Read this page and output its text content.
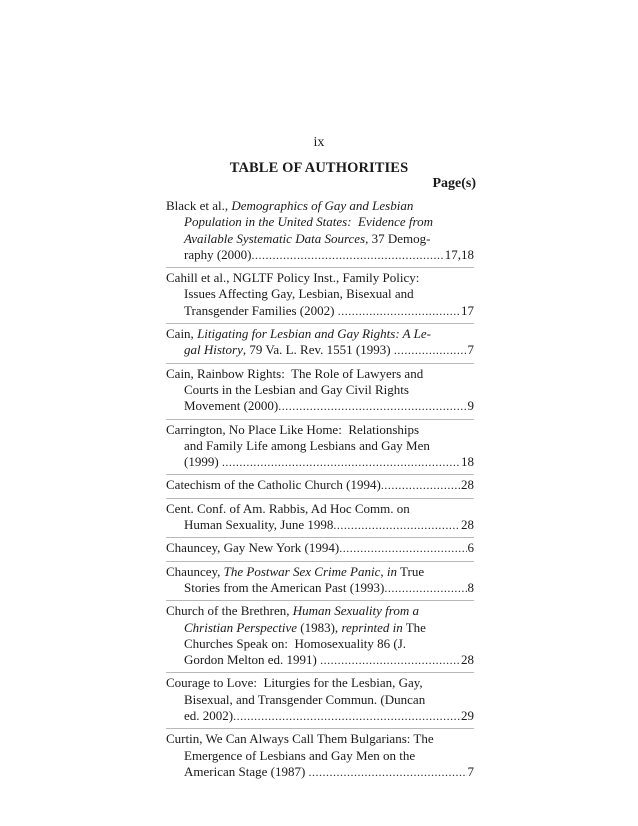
ix
TABLE OF AUTHORITIES
Page(s)
Black et al., Demographics of Gay and Lesbian
Population in the United States:  Evidence from
Available Systematic Data Sources , 37 Demog-
raphy (2000) .....	17,18
Cahill et al., NGLTF Policy Inst., Family Policy:
Issues Affecting Gay, Lesbian, Bisexual and
Transgender Families (2002) .....	17
Cain, Litigating for Lesbian and Gay Rights: A Le-
gal History , 79 Va. L. Rev. 1551 (1993) .....	7
Cain, Rainbow Rights:  The Role of Lawyers and
Courts in the Lesbian and Gay Civil Rights
Movement (2000) .....	9
Carrington, No Place Like Home:  Relationships
and Family Life among Lesbians and Gay Men
(1999) .....	18
Catechism of the Catholic Church (1994) .....	28
Cent. Conf. of Am. Rabbis, Ad Hoc Comm. on
Human Sexuality, June 1998 .....	28
Chauncey, Gay New York (1994) .....	6
Chauncey, The Postwar Sex Crime Panic , in True
Stories from the American Past (1993) .....	8
Church of the Brethren, Human Sexuality from a
Christian Perspective (1983), reprinted in The
Churches Speak on:  Homosexuality 86 (J.
Gordon Melton ed. 1991) .....	28
Courage to Love:  Liturgies for the Lesbian, Gay,
Bisexual, and Transgender Commun. (Duncan
ed. 2002) .....	29
Curtin, We Can Always Call Them Bulgarians: The
Emergence of Lesbians and Gay Men on the
American Stage (1987) .....	7
